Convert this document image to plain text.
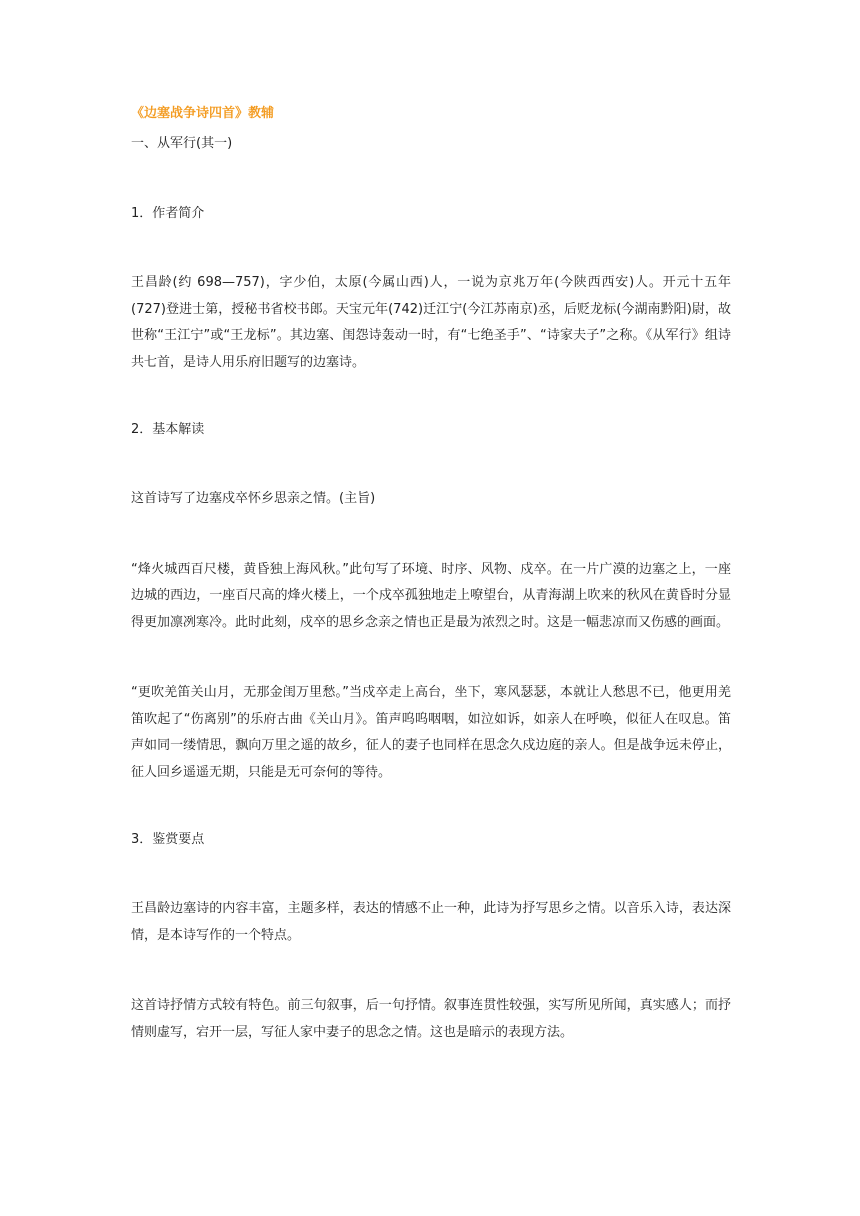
《边塞战争诗四首》教辅

一、从军行(其一)

1．作者简介

王昌龄(约 698—757)，字少伯，太原(今属山西)人，一说为京兆万年(今陕西西安)人。开元十五年(727)登进士第，授秘书省校书郎。天宝元年(742)迁江宁(今江苏南京)丞，后贬龙标(今湖南黔阳)尉，故世称“王江宁”或“王龙标”。其边塞、闺怨诗轰动一时，有“七绝圣手”、“诗家夫子”之称。《从军行》组诗共七首，是诗人用乐府旧题写的边塞诗。

2．基本解读

这首诗写了边塞戍卒怀乡思亲之情。(主旨)

“烽火城西百尺楼，黄昏独上海风秋。”此句写了环境、时序、风物、戍卒。在一片广漠的边塞之上，一座边城的西边，一座百尺高的烽火楼上，一个戍卒孤独地走上嘹望台，从青海湖上吹来的秋风在黄昏时分显得更加凛冽寒冷。此时此刻，戍卒的思乡念亲之情也正是最为浓烈之时。这是一幅悲凉而又伤感的画面。

“更吹羌笛关山月，无那金闺万里愁。”当戍卒走上高台，坐下，寒风瑟瑟，本就让人愁思不已，他更用羌笛吹起了“伤离别”的乐府古曲《关山月》。笛声呜呜咽咽，如泣如诉，如亲人在呼唤，似征人在叹息。笛声如同一缕情思，飘向万里之遥的故乡，征人的妻子也同样在思念久戍边庭的亲人。但是战争远未停止，征人回乡遥遥无期，只能是无可奈何的等待。

3．鉴赏要点

王昌龄边塞诗的内容丰富，主题多样，表达的情感不止一种，此诗为抒写思乡之情。以音乐入诗，表达深情，是本诗写作的一个特点。

这首诗抒情方式较有特色。前三句叙事，后一句抒情。叙事连贯性较强，实写所见所闻，真实感人；而抒情则虚写，宕开一层，写征人家中妻子的思念之情。这也是暗示的表现方法。
